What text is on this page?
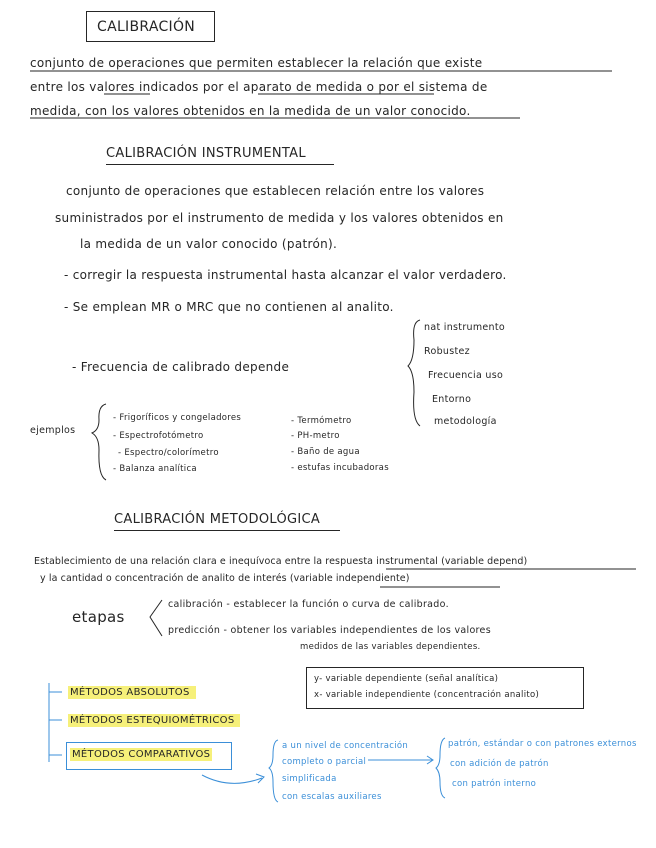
CALIBRACIÓN
conjunto de operaciones que permiten establecer la relación que existe
entre los valores indicados por el aparato de medida o por el sistema de
medida, con los valores obtenidos en la medida de un valor conocido.
CALIBRACIÓN INSTRUMENTAL
conjunto de operaciones que establecen relación entre los valores
suministrados por el instrumento de medida y los valores obtenidos en
la medida de un valor conocido (patrón).
- corregir la respuesta instrumental hasta alcanzar el valor verdadero.
- Se emplean MR o MRC que no contienen al analito.
- Frecuencia de calibrado depende
nat instrumento
Robustez
Frecuencia uso
Entorno
metodología
ejemplos
- Frigoríficos y congeladores
- Espectrofotómetro
- Espectro/colorímetro
- Balanza analítica
- Termómetro
- PH-metro
- Baño de agua
- estufas incubadoras
CALIBRACIÓN METODOLÓGICA
Establecimiento de una relación clara e inequívoca entre la respuesta instrumental (variable depend)
y la cantidad o concentración de analito de interés (variable independiente)
etapas
calibración - establecer la función o curva de calibrado.
predicción - obtener los variables independientes de los valores
medidos de las variables dependientes.
y- variable dependiente (señal analítica)
x- variable independiente (concentración analito)
MÉTODOS ABSOLUTOS
MÉTODOS ESTEQUIOMÉTRICOS
MÉTODOS COMPARATIVOS
a un nivel de concentración
completo o parcial
simplificada
con escalas auxiliares
patrón, estándar o con patrones externos
con adición de patrón
con patrón interno
